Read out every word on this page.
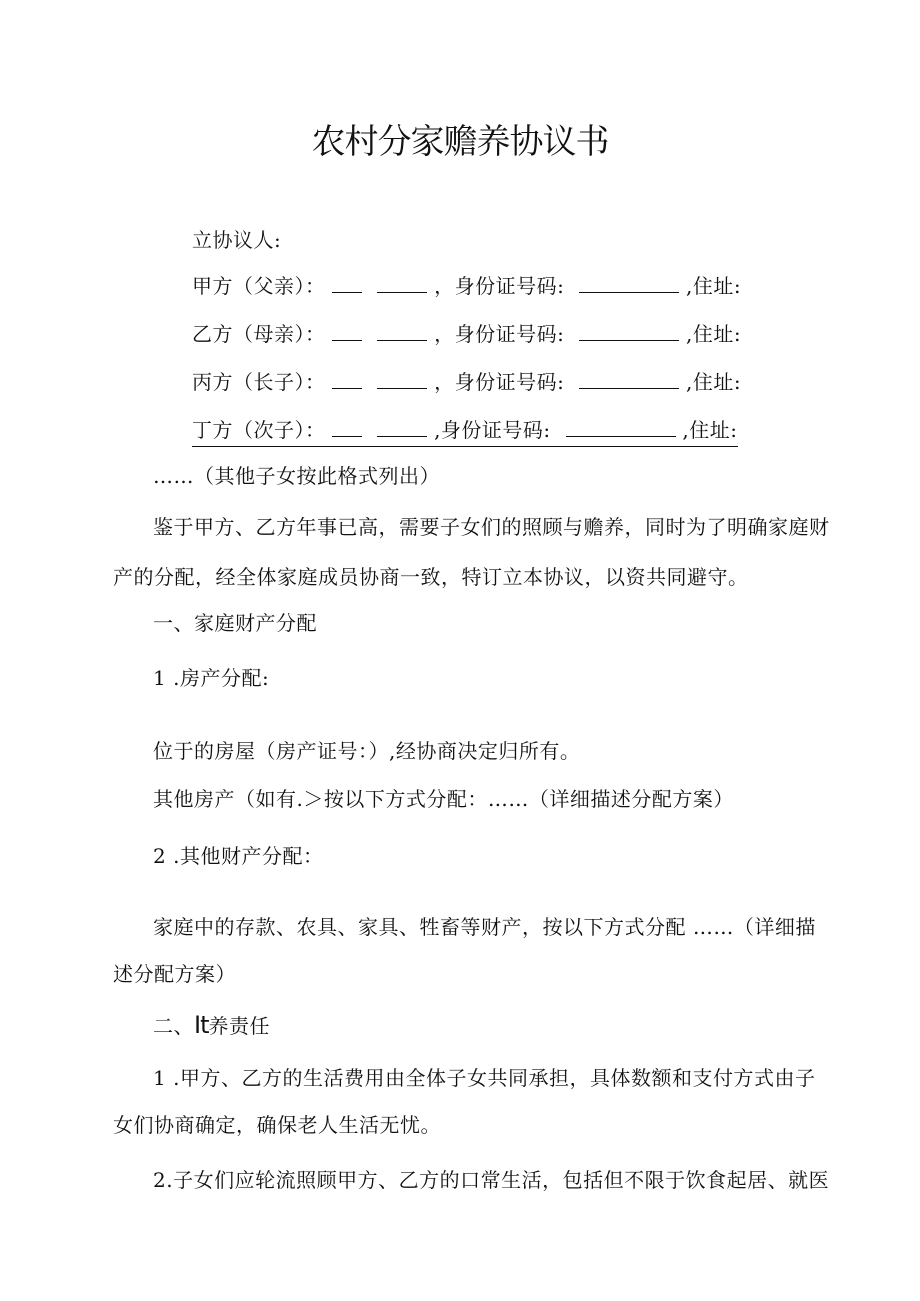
农村分家赡养协议书
立协议人:
甲方（父亲）：	，身份证号码:	,住址:
乙方（母亲）：	，身份证号码:	,住址:
丙方（长子）：	，身份证号码:	,住址:
丁方（次子）：	,身份证号码:	,住址:
……（其他子女按此格式列出）
鉴于甲方、乙方年事已高，需要子女们的照顾与赡养，同时为了明确家庭财
产的分配，经全体家庭成员协商一致，特订立本协议，以资共同避守。
一、家庭财产分配
1 .房产分配:
位于的房屋（房产证号：）,经协商决定归所有。
其他房产（如有.＞按以下方式分配：……（详细描述分配方案）
2 .其他财产分配：
家庭中的存款、农具、家具、牲畜等财产，按以下方式分配 ……（详细描
述分配方案）
二、It养责任
1 .甲方、乙方的生活费用由全体子女共同承担，具体数额和支付方式由子
女们协商确定，确保老人生活无忧。
2.子女们应轮流照顾甲方、乙方的口常生活，包括但不限于饮食起居、就医
